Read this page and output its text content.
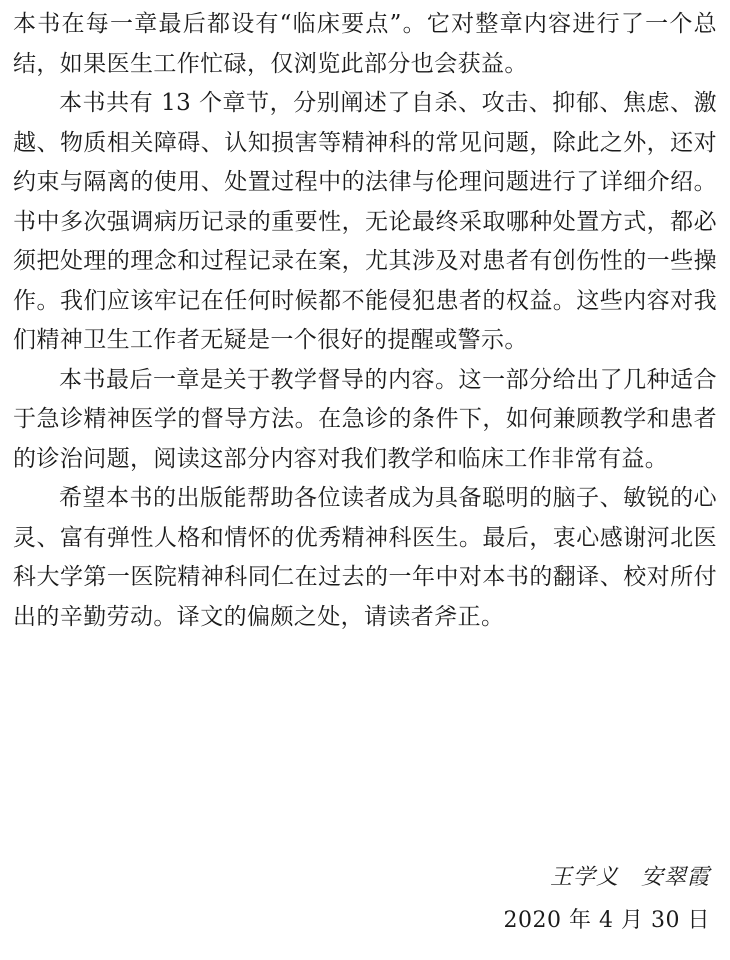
本书在每一章最后都设有“临床要点”。它对整章内容进行了一个总结，如果医生工作忙碌，仅浏览此部分也会获益。

本书共有 13 个章节，分别阐述了自杀、攻击、抑郁、焦虑、激越、物质相关障碍、认知损害等精神科的常见问题，除此之外，还对约束与隔离的使用、处置过程中的法律与伦理问题进行了详细介绍。书中多次强调病历记录的重要性，无论最终采取哪种处置方式，都必须把处理的理念和过程记录在案，尤其涉及对患者有创伤性的一些操作。我们应该牢记在任何时候都不能侵犯患者的权益。这些内容对我们精神卫生工作者无疑是一个很好的提醒或警示。

本书最后一章是关于教学督导的内容。这一部分给出了几种适合于急诊精神医学的督导方法。在急诊的条件下，如何兼顾教学和患者的诊治问题，阅读这部分内容对我们教学和临床工作非常有益。

希望本书的出版能帮助各位读者成为具备聪明的脑子、敏锐的心灵、富有弹性人格和情怀的优秀精神科医生。最后，衷心感谢河北医科大学第一医院精神科同仁在过去的一年中对本书的翻译、校对所付出的辛勤劳动。译文的偏颇之处，请读者斧正。

王学义 安翠霞
2020 年 4 月 30 日
